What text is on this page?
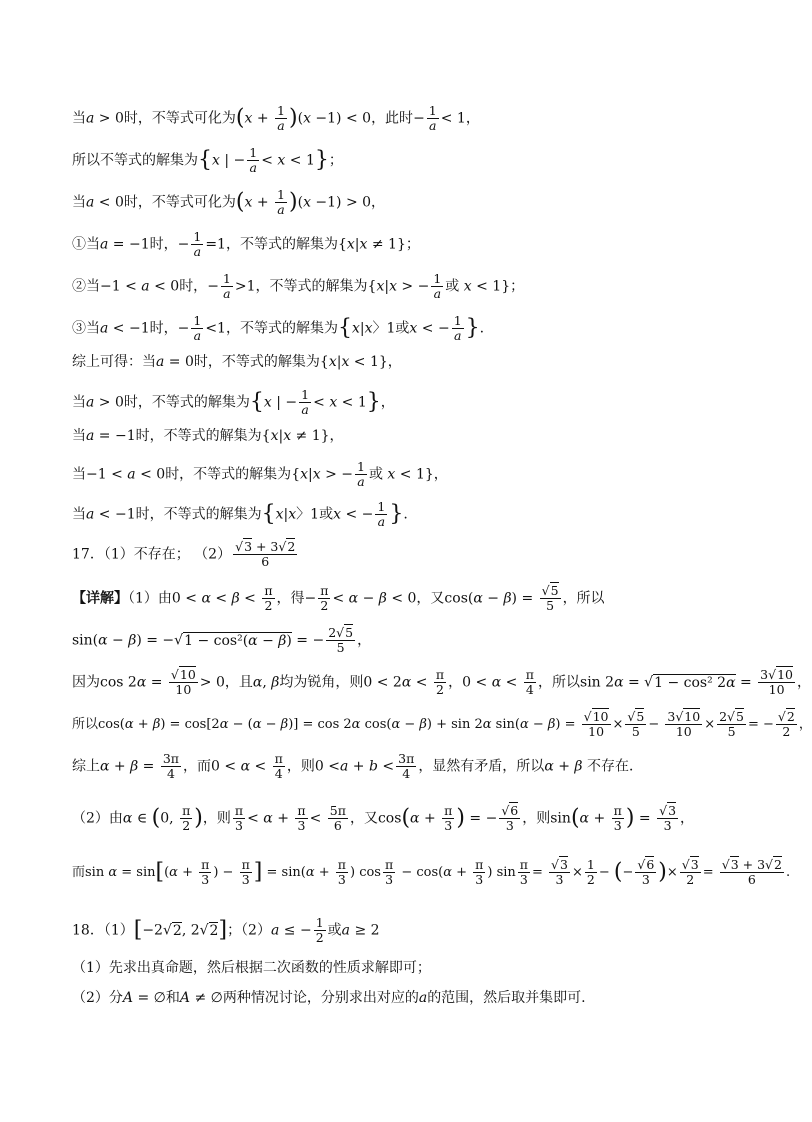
当a > 0时，不等式可化为$(x + \frac{1}{a} )(x -1) < 0$，此时− $\frac{1}{a} < 1$，
所以不等式的解集为{x | − $\frac{1}{a} < x < 1$}；
当a < 0时，不等式可化为$(x + \frac{1}{a} )(x -1) > 0$，
①当a = −1时，− $\frac{1}{a} =1$，不等式的解集为{x|x ≠ 1}；
②当−1 < a < 0时，− $\frac{1}{a} >1$，不等式的解集为{x|x > − $\frac{1}{a}$ 或 x < 1}；
③当a < −1时，− $\frac{1}{a} <1$，不等式的解集为{x|x〉1或x < − $\frac{1}{a}$ }.
综上可得：当a = 0时，不等式的解集为{x|x < 1}，
当a > 0时，不等式的解集为{x | − $\frac{1}{a} < x < 1$}，
当a = −1时，不等式的解集为{x|x ≠ 1}，
当−1 < a < 0时，不等式的解集为{x|x > − $\frac{1}{a}$ 或 x < 1}，
当a < −1时，不等式的解集为{x|x〉1或x < − $\frac{1}{a}$ }.
17．（1）不存在； $(2) \frac{√3 + 3√2}{6}$
【详解】（1）由$0 < \alpha < \beta < \frac{\pi}{2}$ ，得− $\frac{\pi}{2} < \alpha - \beta < 0$，又$\cos(\alpha - \beta) = \frac{√5}{5}$ ，所以
sin(α − β) = −√1 − cos²(α − β) = − $\frac{2√5}{5}$ ，
因为$\cos 2\alpha = \frac{√10}{10} > 0$，且α, β均为锐角，则$0 < 2\alpha < \frac{\pi}{2}$ ，$0 < \alpha < \frac{\pi}{4}$ ，所以sin 2α = √1 − cos² $2\alpha = \frac{3√10}{10}$ ，
所以cos(α + β) = cos[2α − (α − β)] = cos 2α cos(α − β) + sin 2α $\sin(\alpha - \beta) = \frac{√10}{10} \times \frac{√5}{5} - \frac{3√10}{10} \times \frac{2√5}{5}$ = − $\frac{√2}{2}$ ，
综上$\alpha + \beta = \frac{3\pi}{4}$ ，而$0 < \alpha < \frac{\pi}{4}$ ，则$0 <a + b < \frac{3\pi}{4}$ ，显然有矛盾，所以α + β 不存在．
（2）由α ∈ (0, $\frac{\pi}{2}$ )，则 $\frac{\pi}{3} < \alpha + \frac{\pi}{3} < \frac{5\pi}{6}$ ，又$\cos(\alpha + \frac{\pi}{3}$ ) = − $\frac{√6}{3}$ ，则$\sin(\alpha + \frac{\pi}{3}$ ) = $\frac{√3}{3}$ ，
而$\sin \alpha = \sin[(\alpha + \frac{\pi}{3}$ ) − $\frac{\pi}{3}$ ] = $\sin(\alpha + \frac{\pi}{3}$ ) $\cos \frac{\pi}{3} - \cos(\alpha + \frac{\pi}{3}$ ) $\sin \frac{\pi}{3} = \frac{√3}{3} \times \frac{1}{2}$ − (− $\frac{√6}{3}$ )× $\frac{√3}{2} = \frac{√3 + 3√2}{6}$ .
18．（1）[−2√2, 2√2]；（2）a ≤ − $\frac{1}{2}$ 或a ≥ 2
（1）先求出真命题，然后根据二次函数的性质求解即可；
（2）分A = ∅和A ≠ ∅两种情况讨论，分别求出对应的a的范围，然后取并集即可.
